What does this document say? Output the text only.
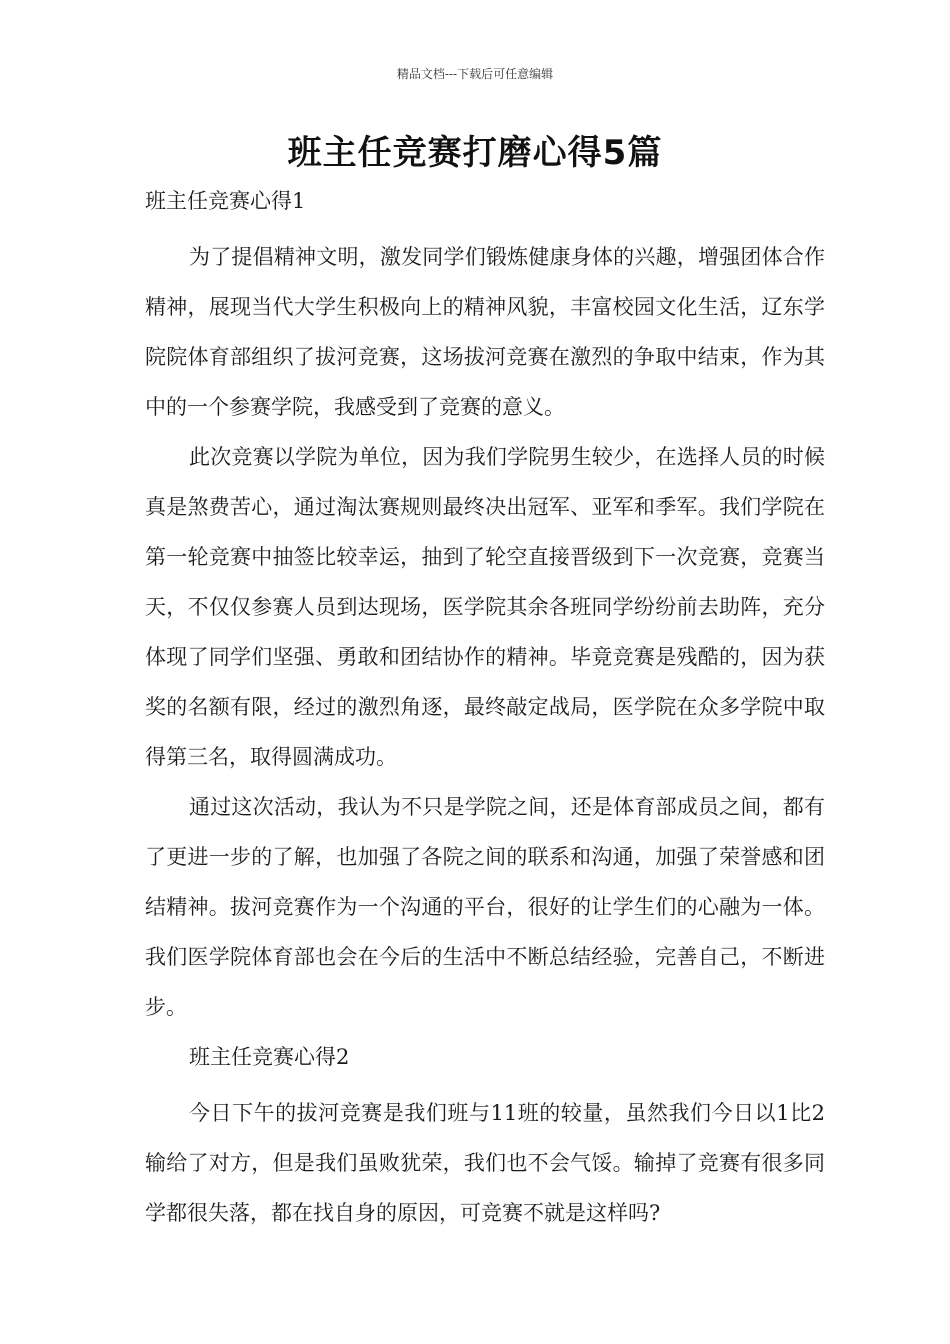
精品文档---下载后可任意编辑
班主任竞赛打磨心得5篇
班主任竞赛心得1

为了提倡精神文明，激发同学们锻炼健康身体的兴趣，增强团体合作精神，展现当代大学生积极向上的精神风貌，丰富校园文化生活，辽东学院院体育部组织了拔河竞赛，这场拔河竞赛在激烈的争取中结束，作为其中的一个参赛学院，我感受到了竞赛的意义。

此次竞赛以学院为单位，因为我们学院男生较少，在选择人员的时候真是煞费苦心，通过淘汰赛规则最终决出冠军、亚军和季军。我们学院在第一轮竞赛中抽签比较幸运，抽到了轮空直接晋级到下一次竞赛，竞赛当天，不仅仅参赛人员到达现场，医学院其余各班同学纷纷前去助阵，充分体现了同学们坚强、勇敢和团结协作的精神。毕竟竞赛是残酷的，因为获奖的名额有限，经过的激烈角逐，最终敲定战局，医学院在众多学院中取得第三名，取得圆满成功。

通过这次活动，我认为不只是学院之间，还是体育部成员之间，都有了更进一步的了解，也加强了各院之间的联系和沟通，加强了荣誉感和团结精神。拔河竞赛作为一个沟通的平台，很好的让学生们的心融为一体。我们医学院体育部也会在今后的生活中不断总结经验，完善自己，不断进步。

班主任竞赛心得2

今日下午的拔河竞赛是我们班与11班的较量，虽然我们今日以1比2输给了对方，但是我们虽败犹荣，我们也不会气馁。输掉了竞赛有很多同学都很失落，都在找自身的原因，可竞赛不就是这样吗?
